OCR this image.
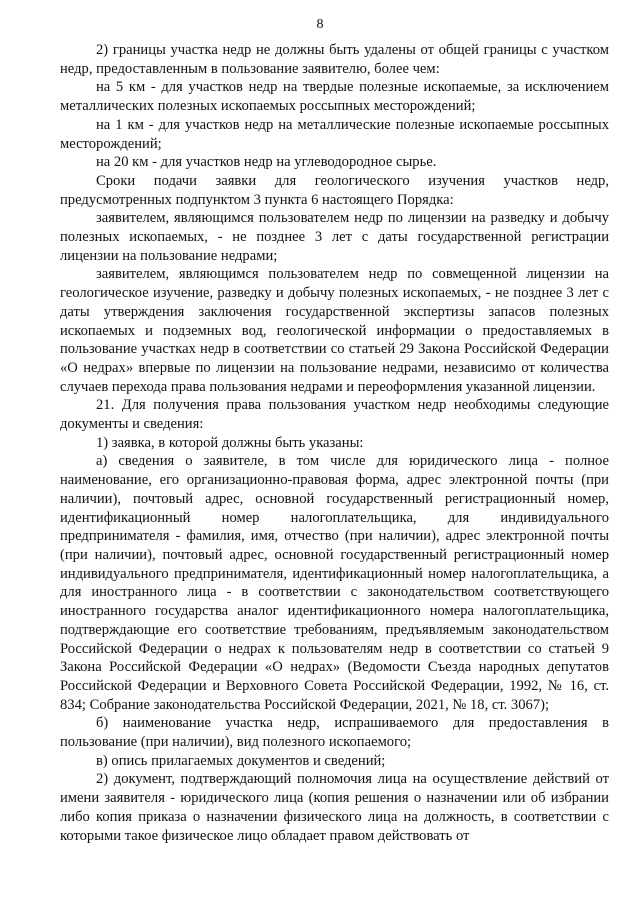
8

2) границы участка недр не должны быть удалены от общей границы с участком недр, предоставленным в пользование заявителю, более чем:

на 5 км - для участков недр на твердые полезные ископаемые, за исключением металлических полезных ископаемых россыпных месторождений;

на 1 км - для участков недр на металлические полезные ископаемые россыпных месторождений;

на 20 км - для участков недр на углеводородное сырье.

Сроки подачи заявки для геологического изучения участков недр, предусмотренных подпунктом 3 пункта 6 настоящего Порядка:

заявителем, являющимся пользователем недр по лицензии на разведку и добычу полезных ископаемых, - не позднее 3 лет с даты государственной регистрации лицензии на пользование недрами;

заявителем, являющимся пользователем недр по совмещенной лицензии на геологическое изучение, разведку и добычу полезных ископаемых, - не позднее 3 лет с даты утверждения заключения государственной экспертизы запасов полезных ископаемых и подземных вод, геологической информации о предоставляемых в пользование участках недр в соответствии со статьей 29 Закона Российской Федерации «О недрах» впервые по лицензии на пользование недрами, независимо от количества случаев перехода права пользования недрами и переоформления указанной лицензии.

21. Для получения права пользования участком недр необходимы следующие документы и сведения:

1) заявка, в которой должны быть указаны:

а) сведения о заявителе, в том числе для юридического лица - полное наименование, его организационно-правовая форма, адрес электронной почты (при наличии), почтовый адрес, основной государственный регистрационный номер, идентификационный номер налогоплательщика, для индивидуального предпринимателя - фамилия, имя, отчество (при наличии), адрес электронной почты (при наличии), почтовый адрес, основной государственный регистрационный номер индивидуального предпринимателя, идентификационный номер налогоплательщика, а для иностранного лица - в соответствии с законодательством соответствующего иностранного государства аналог идентификационного номера налогоплательщика, подтверждающие его соответствие требованиям, предъявляемым законодательством Российской Федерации о недрах к пользователям недр в соответствии со статьей 9 Закона Российской Федерации «О недрах» (Ведомости Съезда народных депутатов Российской Федерации и Верховного Совета Российской Федерации, 1992, № 16, ст. 834; Собрание законодательства Российской Федерации, 2021, № 18, ст. 3067);

б) наименование участка недр, испрашиваемого для предоставления в пользование (при наличии), вид полезного ископаемого;

в) опись прилагаемых документов и сведений;

2) документ, подтверждающий полномочия лица на осуществление действий от имени заявителя - юридического лица (копия решения о назначении или об избрании либо копия приказа о назначении физического лица на должность, в соответствии с которыми такое физическое лицо обладает правом действовать от
